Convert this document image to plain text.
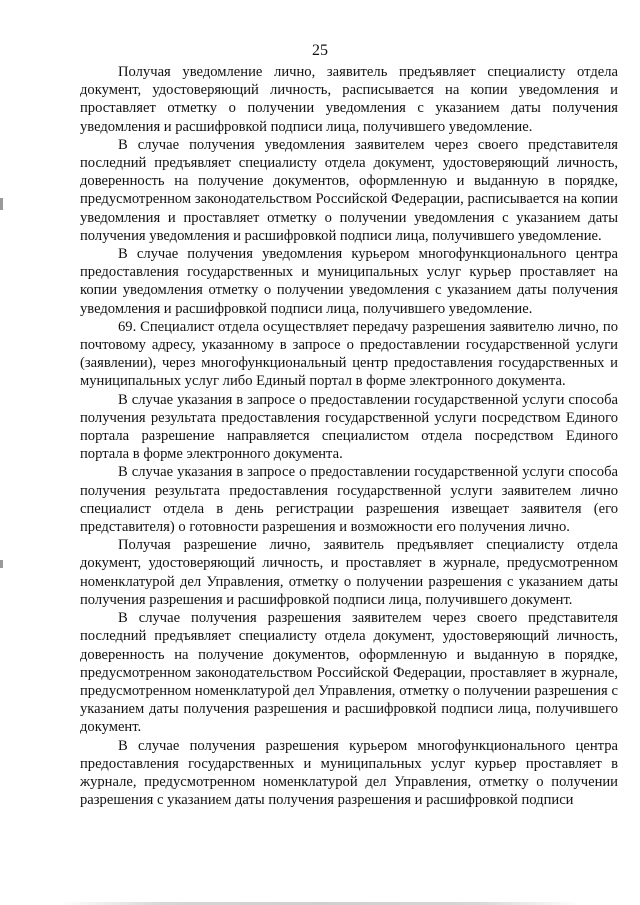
25

Получая уведомление лично, заявитель предъявляет специалисту отдела документ, удостоверяющий личность, расписывается на копии уведомления и проставляет отметку о получении уведомления с указанием даты получения уведомления и расшифровкой подписи лица, получившего уведомление.

В случае получения уведомления заявителем через своего представителя последний предъявляет специалисту отдела документ, удостоверяющий личность, доверенность на получение документов, оформленную и выданную в порядке, предусмотренном законодательством Российской Федерации, расписывается на копии уведомления и проставляет отметку о получении уведомления с указанием даты получения уведомления и расшифровкой подписи лица, получившего уведомление.

В случае получения уведомления курьером многофункционального центра предоставления государственных и муниципальных услуг курьер проставляет на копии уведомления отметку о получении уведомления с указанием даты получения уведомления и расшифровкой подписи лица, получившего уведомление.

69. Специалист отдела осуществляет передачу разрешения заявителю лично, по почтовому адресу, указанному в запросе о предоставлении государственной услуги (заявлении), через многофункциональный центр предоставления государственных и муниципальных услуг либо Единый портал в форме электронного документа.

В случае указания в запросе о предоставлении государственной услуги способа получения результата предоставления государственной услуги посредством Единого портала разрешение направляется специалистом отдела посредством Единого портала в форме электронного документа.

В случае указания в запросе о предоставлении государственной услуги способа получения результата предоставления государственной услуги заявителем лично специалист отдела в день регистрации разрешения извещает заявителя (его представителя) о готовности разрешения и возможности его получения лично.

Получая разрешение лично, заявитель предъявляет специалисту отдела документ, удостоверяющий личность, и проставляет в журнале, предусмотренном номенклатурой дел Управления, отметку о получении разрешения с указанием даты получения разрешения и расшифровкой подписи лица, получившего документ.

В случае получения разрешения заявителем через своего представителя последний предъявляет специалисту отдела документ, удостоверяющий личность, доверенность на получение документов, оформленную и выданную в порядке, предусмотренном законодательством Российской Федерации, проставляет в журнале, предусмотренном номенклатурой дел Управления, отметку о получении разрешения с указанием даты получения разрешения и расшифровкой подписи лица, получившего документ.

В случае получения разрешения курьером многофункционального центра предоставления государственных и муниципальных услуг курьер проставляет в журнале, предусмотренном номенклатурой дел Управления, отметку о получении разрешения с указанием даты получения разрешения и расшифровкой подписи
